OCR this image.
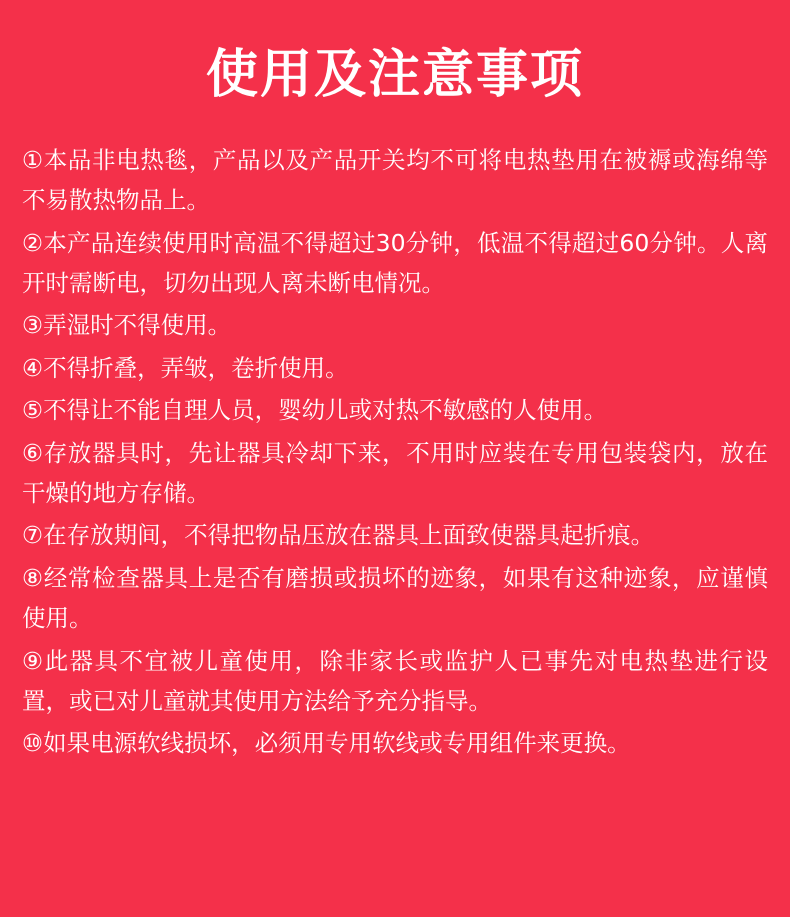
使用及注意事项
①本品非电热毯，产品以及产品开关均不可将电热垫用在被褥或海绵等不易散热物品上。
②本产品连续使用时高温不得超过30分钟，低温不得超过60分钟。人离开时需断电，切勿出现人离未断电情况。
③弄湿时不得使用。
④不得折叠，弄皱，卷折使用。
⑤不得让不能自理人员，婴幼儿或对热不敏感的人使用。
⑥存放器具时，先让器具冷却下来，不用时应装在专用包装袋内，放在干燥的地方存储。
⑦在存放期间，不得把物品压放在器具上面致使器具起折痕。
⑧经常检查器具上是否有磨损或损坏的迹象，如果有这种迹象，应谨慎使用。
⑨此器具不宜被儿童使用，除非家长或监护人已事先对电热垫进行设置，或已对儿童就其使用方法给予充分指导。
⑩如果电源软线损坏，必须用专用软线或专用组件来更换。
